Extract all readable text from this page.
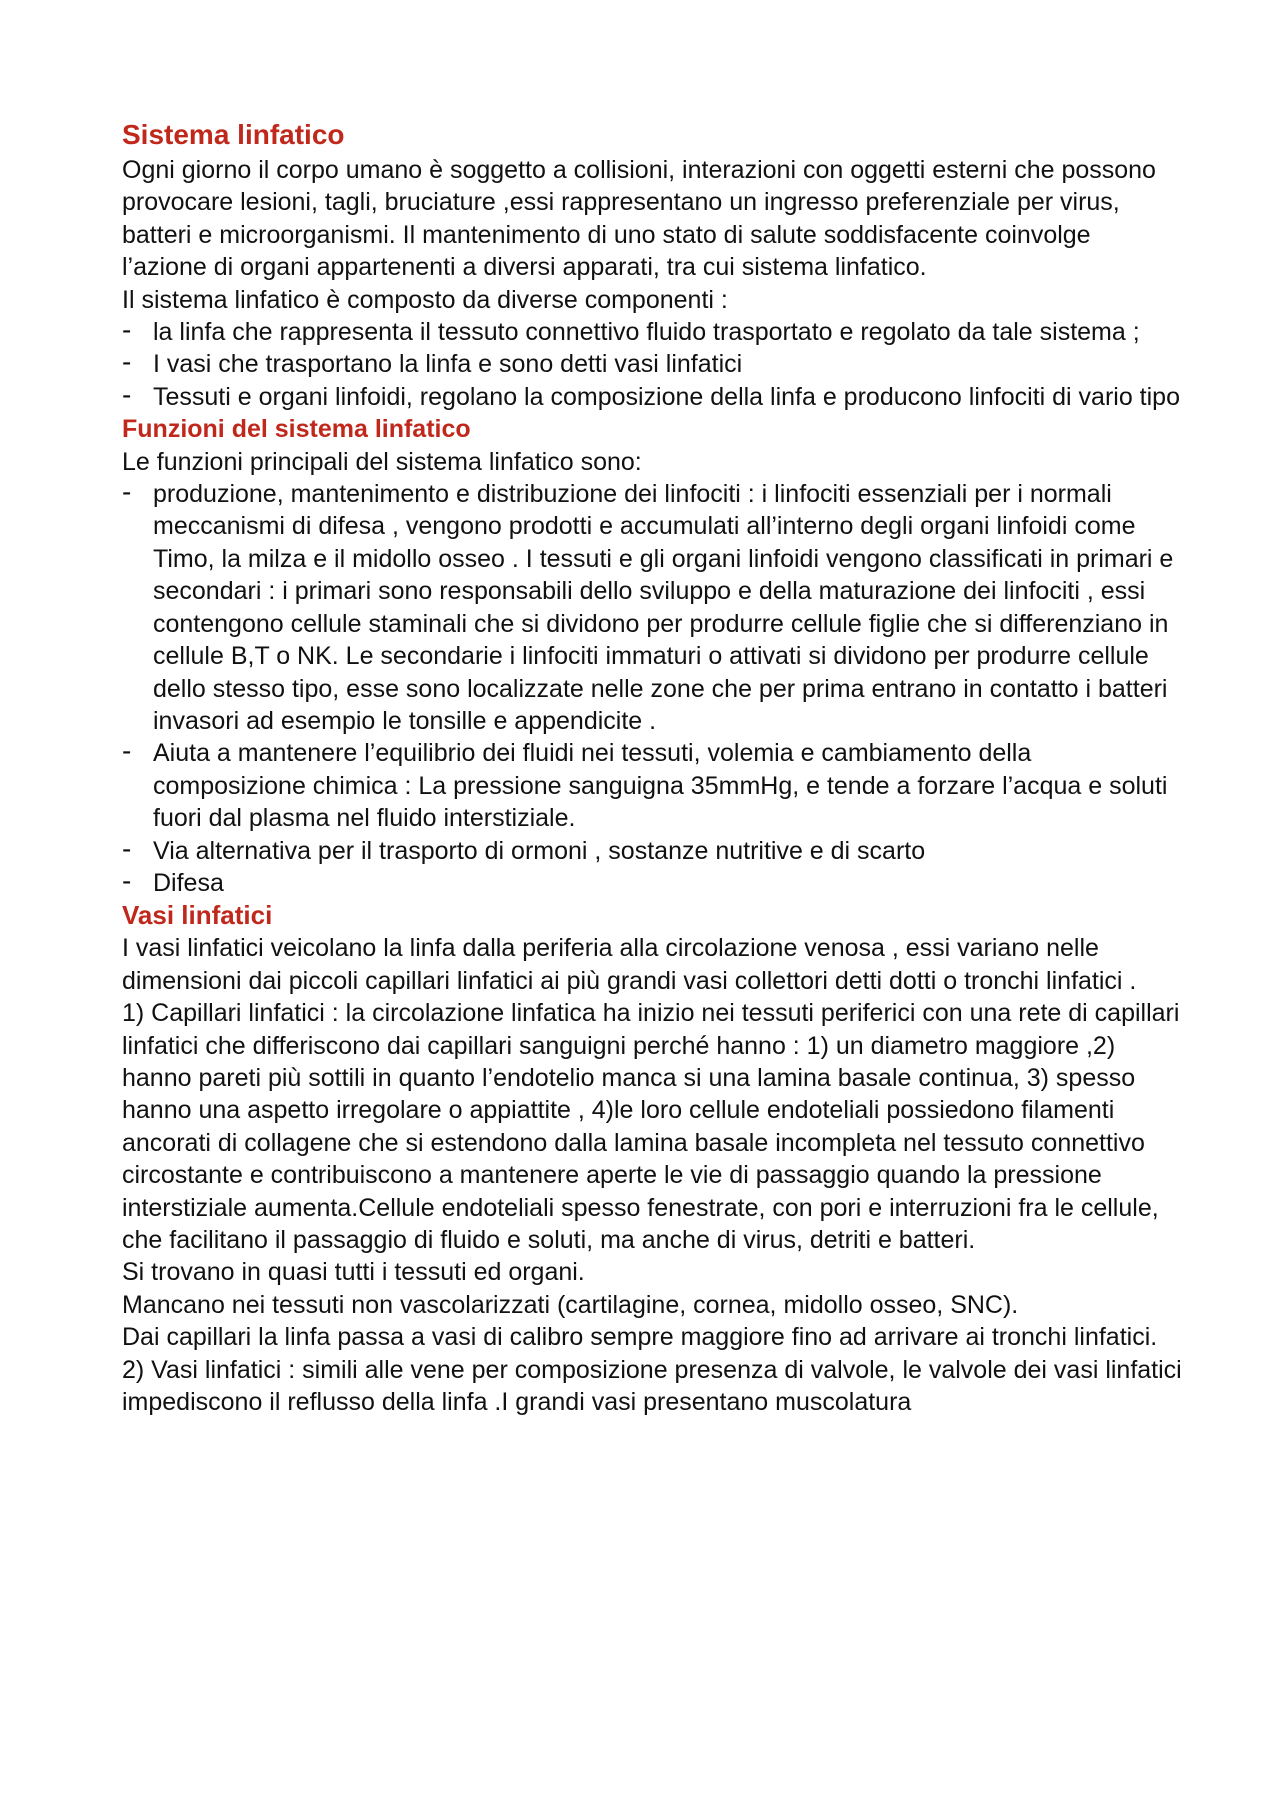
Sistema linfatico

Ogni giorno il corpo umano è soggetto a collisioni, interazioni con oggetti esterni che possono provocare lesioni, tagli, bruciature ,essi rappresentano un ingresso preferenziale per virus, batteri e microorganismi. Il mantenimento di uno stato di salute soddisfacente coinvolge l’azione di organi appartenenti a diversi apparati, tra cui sistema linfatico.

Il sistema linfatico è composto da diverse componenti :

- la linfa che rappresenta il tessuto connettivo fluido trasportato e regolato da tale sistema ;
- I vasi che trasportano la linfa e sono detti vasi linfatici
- Tessuti e organi linfoidi, regolano la composizione della linfa e producono linfociti di vario tipo
Funzioni del sistema linfatico

Le funzioni principali del sistema linfatico sono:

- produzione, mantenimento e distribuzione dei linfociti : i linfociti essenziali per i normali meccanismi di difesa , vengono prodotti e accumulati all’interno degli organi linfoidi come Timo, la milza e il midollo osseo . I tessuti e gli organi linfoidi vengono classificati in primari e secondari : i primari sono responsabili dello sviluppo e della maturazione dei linfociti , essi contengono cellule staminali che si dividono per produrre cellule figlie che si differenziano in cellule B,T o NK. Le secondarie i linfociti immaturi o attivati si dividono per produrre cellule dello stesso tipo, esse sono localizzate nelle zone che per prima entrano in contatto i batteri invasori ad esempio le tonsille e appendicite .
- Aiuta a mantenere l’equilibrio dei fluidi nei tessuti, volemia e cambiamento della composizione chimica : La pressione sanguigna 35mmHg, e tende a forzare l’acqua e soluti fuori dal plasma nel fluido interstiziale.
- Via alternativa per il trasporto di ormoni , sostanze nutritive e di scarto
- Difesa
Vasi linfatici

I vasi linfatici veicolano la linfa dalla periferia alla circolazione venosa , essi variano nelle dimensioni dai piccoli capillari linfatici ai più grandi vasi collettori detti dotti o tronchi linfatici .

1) Capillari linfatici : la circolazione linfatica ha inizio nei tessuti periferici con una rete di capillari linfatici che differiscono dai capillari sanguigni perché hanno : 1) un diametro maggiore ,2) hanno pareti più sottili in quanto l’endotelio manca si una lamina basale continua, 3) spesso hanno una aspetto irregolare o appiattite , 4)le loro cellule endoteliali possiedono filamenti ancorati di collagene che si estendono dalla lamina basale incompleta nel tessuto connettivo circostante e contribuiscono a mantenere aperte le vie di passaggio quando la pressione interstiziale aumenta.Cellule endoteliali spesso fenestrate, con pori e interruzioni fra le cellule, che facilitano il passaggio di fluido e soluti, ma anche di virus, detriti e batteri.

Si trovano in quasi tutti i tessuti ed organi.

Mancano nei tessuti non vascolarizzati (cartilagine, cornea, midollo osseo, SNC).

Dai capillari la linfa passa a vasi di calibro sempre maggiore fino ad arrivare ai tronchi linfatici.

2) Vasi linfatici : simili alle vene per composizione presenza di valvole, le valvole dei vasi linfatici impediscono il reflusso della linfa .I grandi vasi presentano muscolatura
